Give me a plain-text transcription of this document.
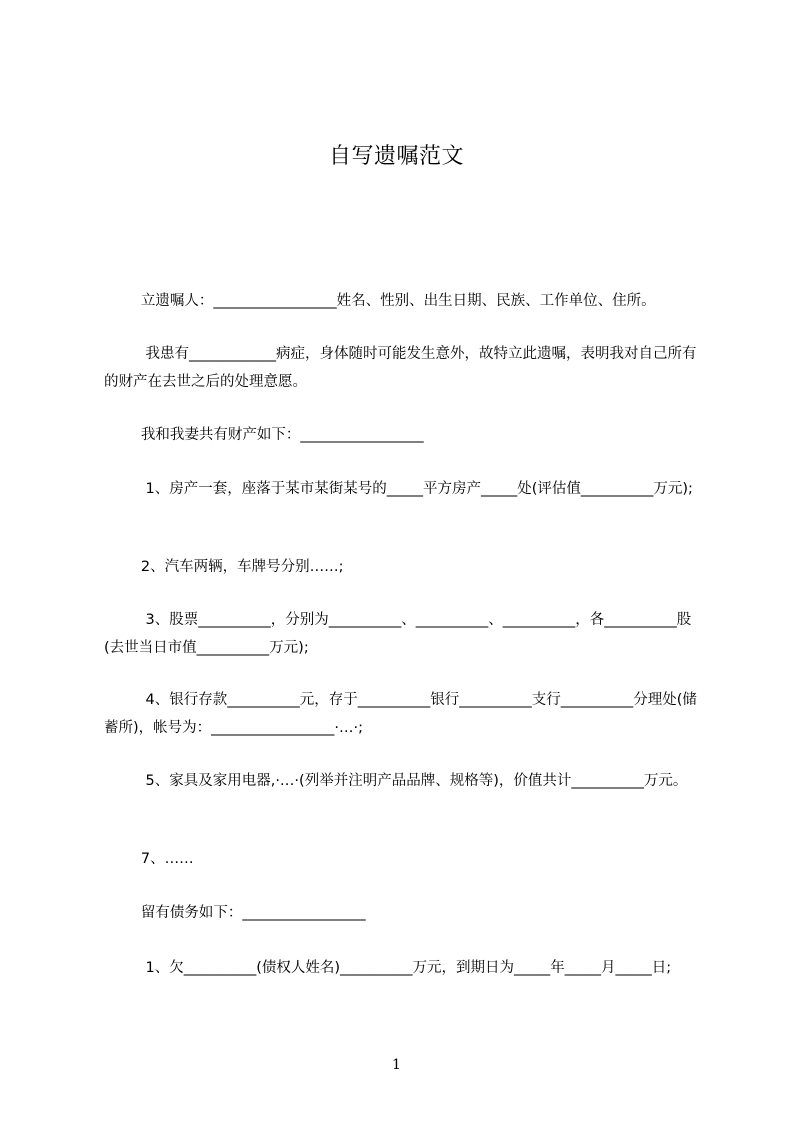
自写遗嘱范文
立遗嘱人：_________________姓名、性别、出生日期、民族、工作单位、住所。
我患有____________病症，身体随时可能发生意外，故特立此遗嘱，表明我对自己所有的财产在去世之后的处理意愿。
我和我妻共有财产如下：_________________
1、房产一套，座落于某市某街某号的_____平方房产_____处(评估值__________万元);
2、汽车两辆，车牌号分别……;
3、股票__________，分别为__________、__________、__________，各__________股(去世当日市值__________万元);
4、银行存款__________元，存于__________银行__________支行__________分理处(储蓄所)，帐号为：_________________·…·;
5、家具及家用电器,·…·(列举并注明产品品牌、规格等)，价值共计__________万元。
7、……
留有债务如下：_________________
1、欠__________(债权人姓名)__________万元，到期日为_____年_____月_____日;
1
